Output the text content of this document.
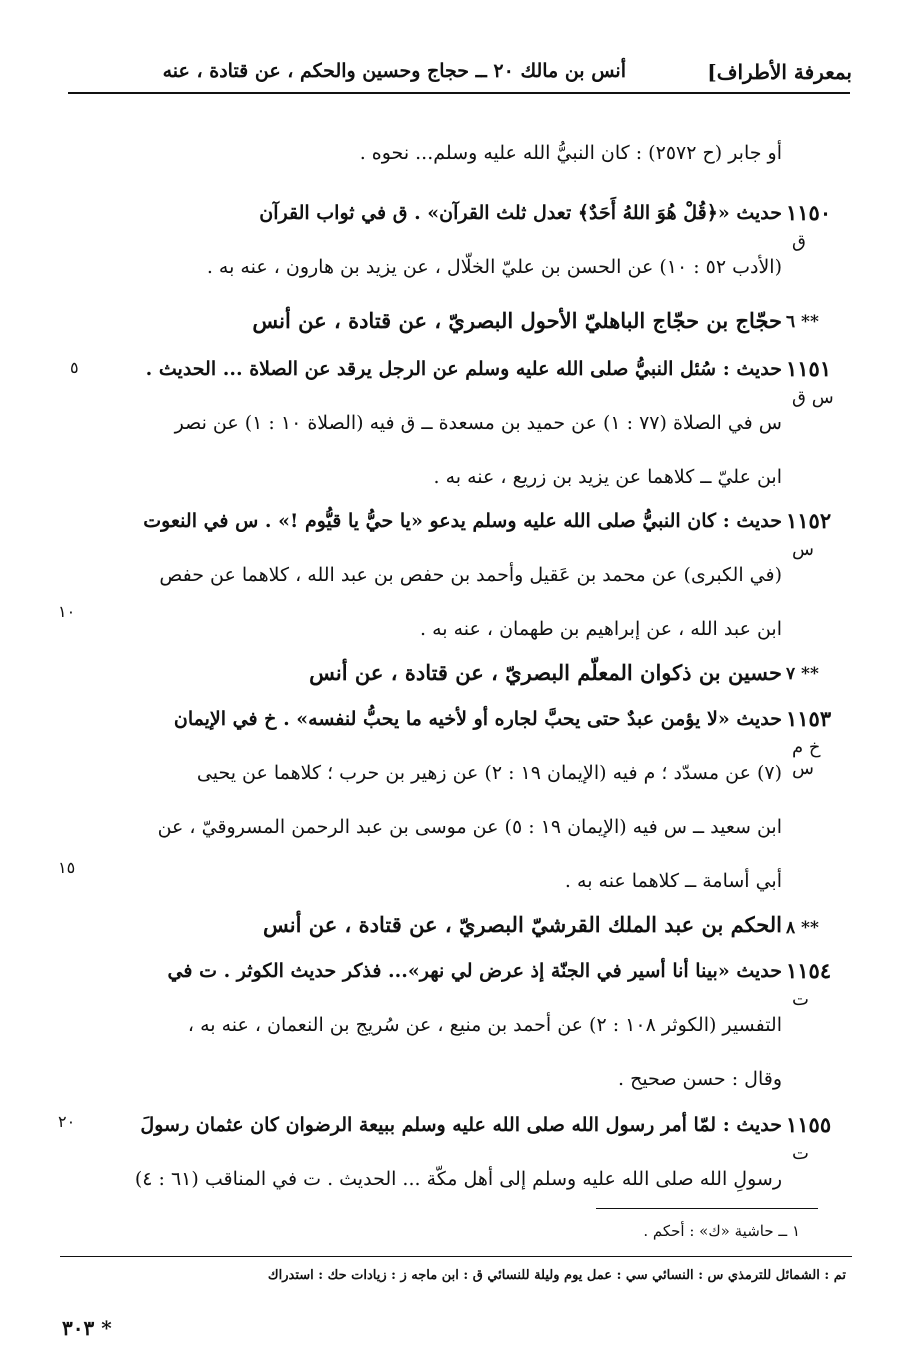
بمعرفة الأطراف]
أنس بن مالك ٢٠ ــ حجاج وحسين والحكم ، عن قتادة ، عنه
أو جابر (ح ٢٥٧٢) : كان النبيُّ الله عليه وسلم... نحوه .
١١٥٠
ق
حديث «﴿قُلْ هُوَ اللهُ أَحَدٌ﴾ تعدل ثلث القرآن» . ق في ثواب القرآن
(الأدب ٥٢ : ١٠) عن الحسن بن عليّ الخلّال ، عن يزيد بن هارون ، عنه به .
٦ **
حجّاج بن حجّاج الباهليّ الأحول البصريّ ، عن قتادة ، عن أنس
١١٥١
س ق
حديث : سُئل النبيُّ صلى الله عليه وسلم عن الرجل يرقد عن الصلاة ... الحديث .
س في الصلاة (٧٧ : ١) عن حميد بن مسعدة ــ ق فيه (الصلاة ١٠ : ١) عن نصر
ابن عليّ ــ كلاهما عن يزيد بن زريع ، عنه به .
٥
١١٥٢
س
حديث : كان النبيُّ صلى الله عليه وسلم يدعو «يا حيُّ يا قيُّوم !» . س في النعوت
(في الكبرى) عن محمد بن عَقيل وأحمد بن حفص بن عبد الله ، كلاهما عن حفص
ابن عبد الله ، عن إبراهيم بن طهمان ، عنه به .
١٠
٧ **
حسين بن ذكوان المعلّم البصريّ ، عن قتادة ، عن أنس
١١٥٣
خ م س
حديث «لا يؤمن عبدٌ حتى يحبَّ لجاره أو لأخيه ما يحبُّ لنفسه» . خ في الإيمان
(٧) عن مسدّد ؛ م فيه (الإيمان ١٩ : ٢) عن زهير بن حرب ؛ كلاهما عن يحيى
ابن سعيد ــ س فيه (الإيمان ١٩ : ٥) عن موسى بن عبد الرحمن المسروقيّ ، عن
أبي أسامة ــ كلاهما عنه به .
١٥
٨ **
الحكم بن عبد الملك القرشيّ البصريّ ، عن قتادة ، عن أنس
١١٥٤
ت
حديث «بينا أنا أسير في الجنّة إذ عرض لي نهر»... فذكر حديث الكوثر . ت في
التفسير (الكوثر ١٠٨ : ٢) عن أحمد بن منيع ، عن سُريج بن النعمان ، عنه به ،
وقال : حسن صحيح .
١١٥٥
ت
حديث : لمّا أمر رسول الله صلى الله عليه وسلم ببيعة الرضوان كان عثمان رسولَ
رسولِ الله صلى الله عليه وسلم إلى أهل مكّة ... الحديث . ت في المناقب (٦١ : ٤)
٢٠
١ ــ حاشية «ك» : أحكم .
تم : الشمائل للترمذي س : النسائي سي : عمل يوم وليلة للنسائي ق : ابن ماجه ز : زيادات حك : استدراك
٣٠٣ *
